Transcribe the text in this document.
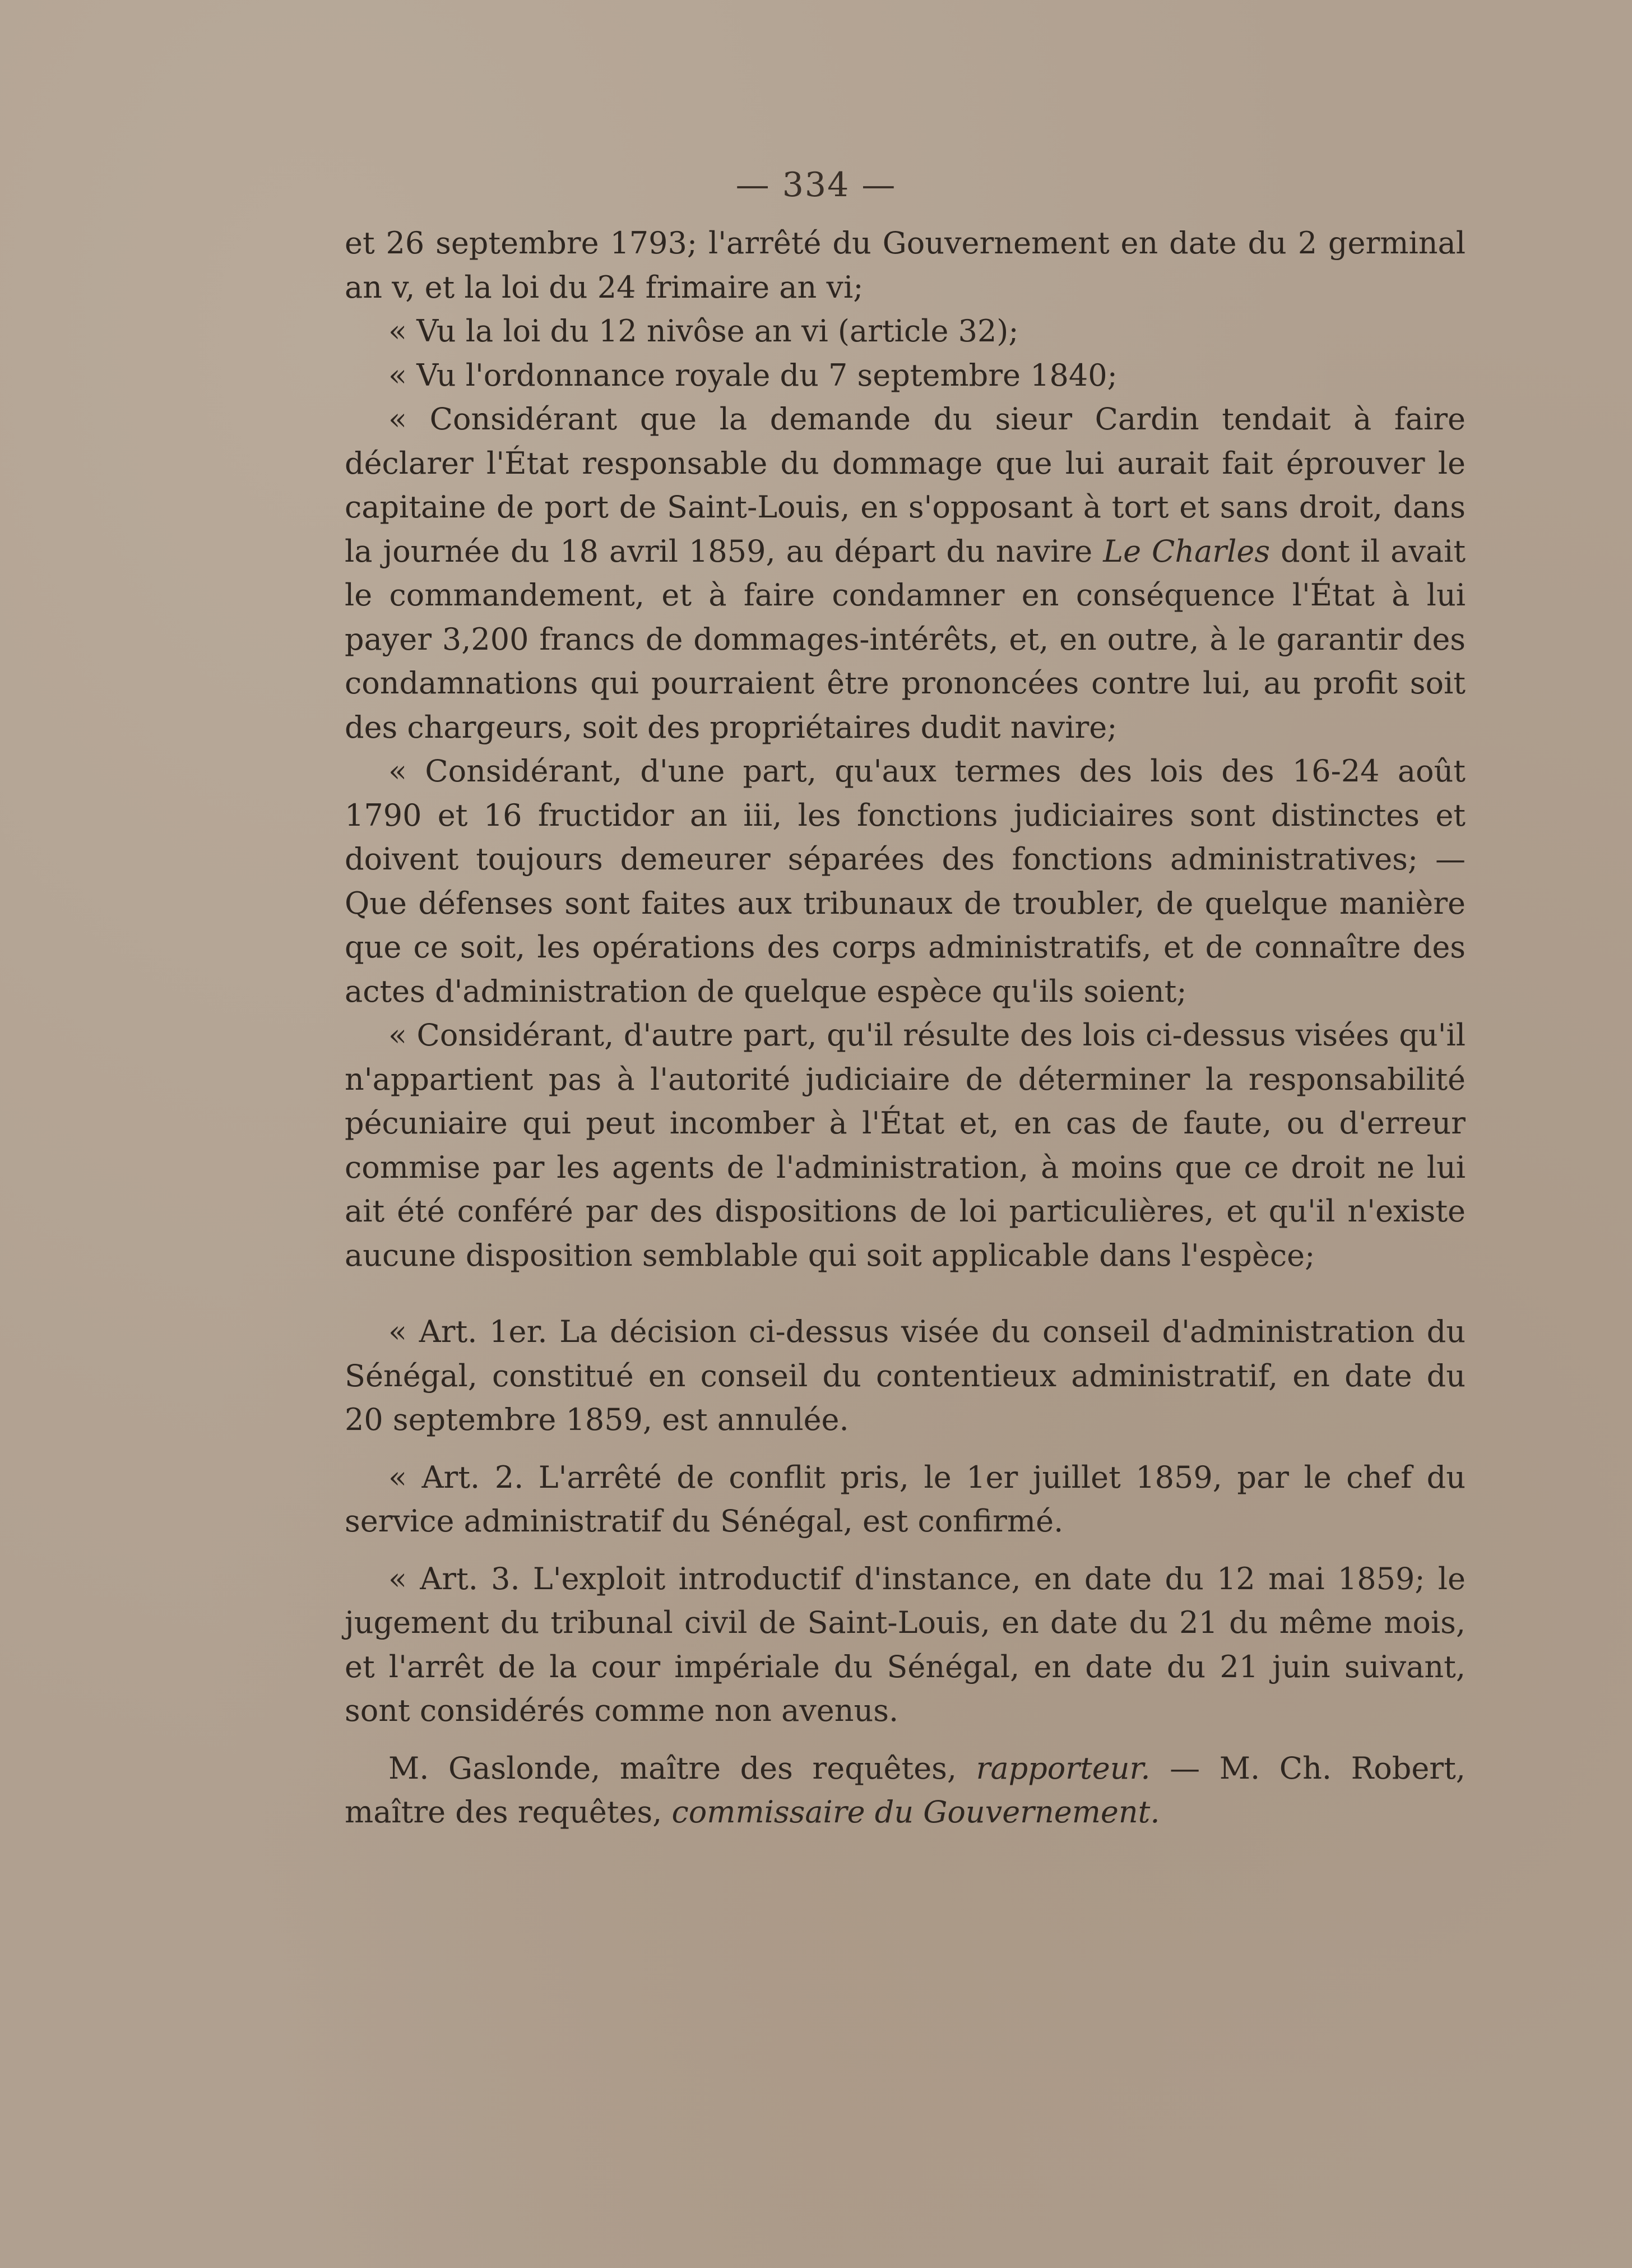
— 334 —

et 26 septembre 1793; l'arrêté du Gouvernement en date du 2 germinal an v, et la loi du 24 frimaire an vi;

« Vu la loi du 12 nivôse an vi (article 32);

« Vu l'ordonnance royale du 7 septembre 1840;

« Considérant que la demande du sieur Cardin tendait à faire déclarer l'État responsable du dommage que lui aurait fait éprouver le capitaine de port de Saint-Louis, en s'opposant à tort et sans droit, dans la journée du 18 avril 1859, au départ du navire Le Charles dont il avait le commandement, et à faire condamner en conséquence l'État à lui payer 3,200 francs de dommages-intérêts, et, en outre, à le garantir des condamnations qui pourraient être prononcées contre lui, au profit soit des chargeurs, soit des propriétaires dudit navire;

« Considérant, d'une part, qu'aux termes des lois des 16-24 août 1790 et 16 fructidor an iii, les fonctions judiciaires sont distinctes et doivent toujours demeurer séparées des fonctions administratives; — Que défenses sont faites aux tribunaux de troubler, de quelque manière que ce soit, les opérations des corps administratifs, et de connaître des actes d'administration de quelque espèce qu'ils soient;

« Considérant, d'autre part, qu'il résulte des lois ci-dessus visées qu'il n'appartient pas à l'autorité judiciaire de déterminer la responsabilité pécuniaire qui peut incomber à l'État et, en cas de faute, ou d'erreur commise par les agents de l'administration, à moins que ce droit ne lui ait été conféré par des dispositions de loi particulières, et qu'il n'existe aucune disposition semblable qui soit applicable dans l'espèce;

« Art. 1er. La décision ci-dessus visée du conseil d'administration du Sénégal, constitué en conseil du contentieux administratif, en date du 20 septembre 1859, est annulée.

« Art. 2. L'arrêté de conflit pris, le 1er juillet 1859, par le chef du service administratif du Sénégal, est confirmé.

« Art. 3. L'exploit introductif d'instance, en date du 12 mai 1859; le jugement du tribunal civil de Saint-Louis, en date du 21 du même mois, et l'arrêt de la cour impériale du Sénégal, en date du 21 juin suivant, sont considérés comme non avenus.

M. Gaslonde, maître des requêtes, rapporteur. — M. Ch. Robert, maître des requêtes, commissaire du Gouvernement.
